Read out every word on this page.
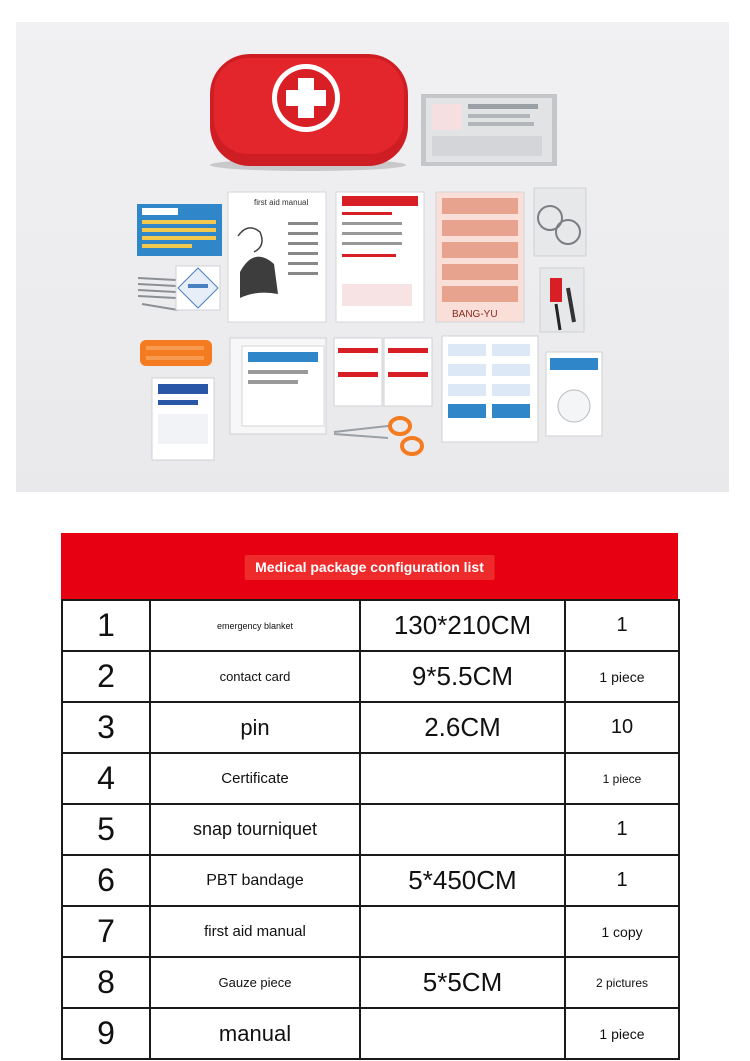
first aid manual
BANG-YU
Medical package configuration list
1	emergency blanket	130*210CM	1
2	contact card	9*5.5CM	1 piece
3	pin	2.6CM	10
4	Certificate		1 piece
5	snap tourniquet		1
6	PBT bandage	5*450CM	1
7	first aid manual		1 copy
8	Gauze piece	5*5CM	2 pictures
9	manual		1 piece
